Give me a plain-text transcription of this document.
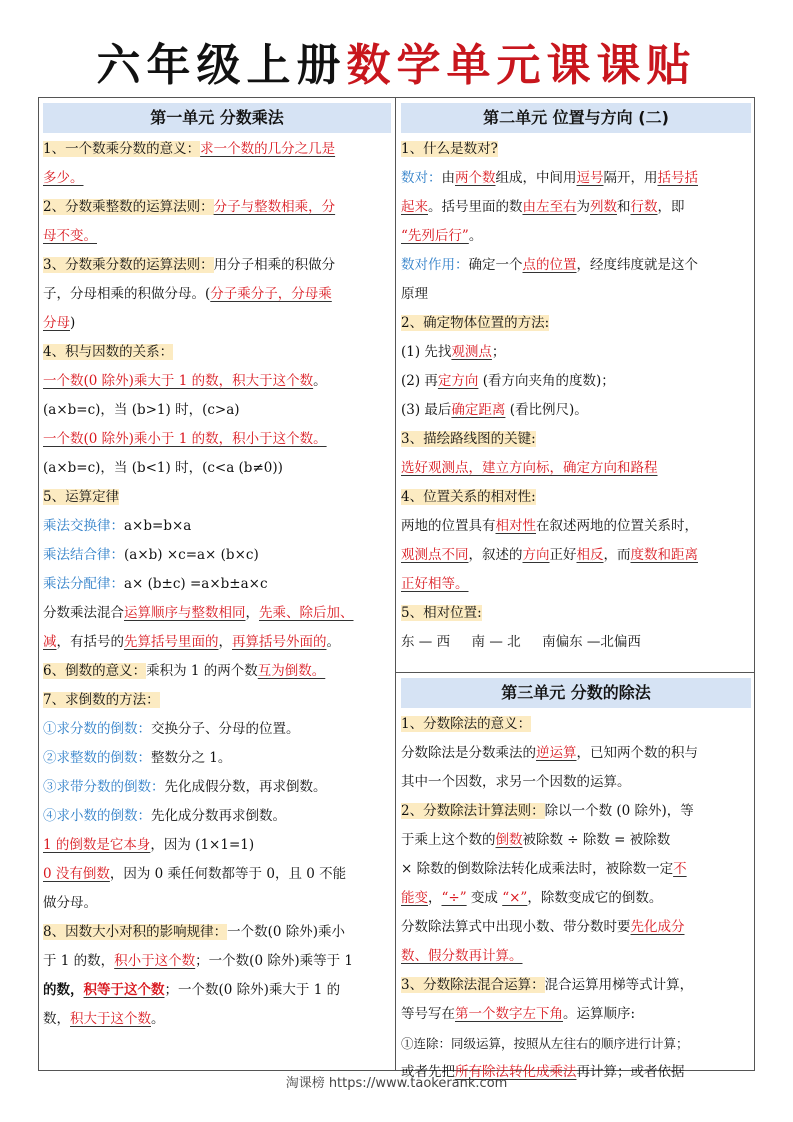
六年级上册数学单元课课贴
第一单元 分数乘法
1、一个数乘分数的意义：求一个数的几分之几是
多少。
2、分数乘整数的运算法则：分子与整数相乘，分
母不变。
3、分数乘分数的运算法则：用分子相乘的积做分
子，分母相乘的积做分母。(分子乘分子，分母乘
分母)
4、积与因数的关系：
一个数(0 除外)乘大于 1 的数，积大于这个数。
(a×b=c)，当 (b>1) 时，(c>a)
一个数(0 除外)乘小于 1 的数，积小于这个数。
(a×b=c)，当 (b<1) 时，(c<a (b≠0))
5、运算定律
乘法交换律：a×b=b×a
乘法结合律：(a×b) ×c=a× (b×c)
乘法分配律：a× (b±c) =a×b±a×c
分数乘法混合运算顺序与整数相同，先乘、除后加、
减，有括号的先算括号里面的，再算括号外面的。
6、倒数的意义：乘积为 1 的两个数互为倒数。
7、求倒数的方法：
①求分数的倒数：交换分子、分母的位置。
②求整数的倒数：整数分之 1。
③求带分数的倒数：先化成假分数，再求倒数。
④求小数的倒数：先化成分数再求倒数。
1 的倒数是它本身，因为 (1×1=1)
0 没有倒数，因为 0 乘任何数都等于 0，且 0 不能
做分母。
8、因数大小对积的影响规律：一个数(0 除外)乘小
于 1 的数，积小于这个数；一个数(0 除外)乘等于 1
的数，积等于这个数；一个数(0 除外)乘大于 1 的
数，积大于这个数。
第二单元 位置与方向 (二)
1、什么是数对?
数对：由两个数组成，中间用逗号隔开，用括号括
起来。括号里面的数由左至右为列数和行数，即
“先列后行”。
数对作用：确定一个点的位置，经度纬度就是这个
原理
2、确定物体位置的方法:
(1) 先找观测点；
(2) 再定方向 (看方向夹角的度数)；
(3) 最后确定距离 (看比例尺)。
3、描绘路线图的关键:
选好观测点，建立方向标，确定方向和路程
4、位置关系的相对性:
两地的位置具有相对性在叙述两地的位置关系时，
观测点不同，叙述的方向正好相反，而度数和距离
正好相等。
5、相对位置:
东 — 西     南 — 北     南偏东 —北偏西
第三单元 分数的除法
1、分数除法的意义：
分数除法是分数乘法的逆运算，已知两个数的积与
其中一个因数，求另一个因数的运算。
2、分数除法计算法则：除以一个数 (0 除外)，等
于乘上这个数的倒数被除数 ÷ 除数 = 被除数
× 除数的倒数除法转化成乘法时，被除数一定不
能变，“÷” 变成 “×”，除数变成它的倒数。
分数除法算式中出现小数、带分数时要先化成分
数、假分数再计算。
3、分数除法混合运算：混合运算用梯等式计算，
等号写在第一个数字左下角。运算顺序:
①连除：同级运算，按照从左往右的顺序进行计算；
或者先把所有除法转化成乘法再计算；或者依据
淘课榜 https://www.taokerank.com
